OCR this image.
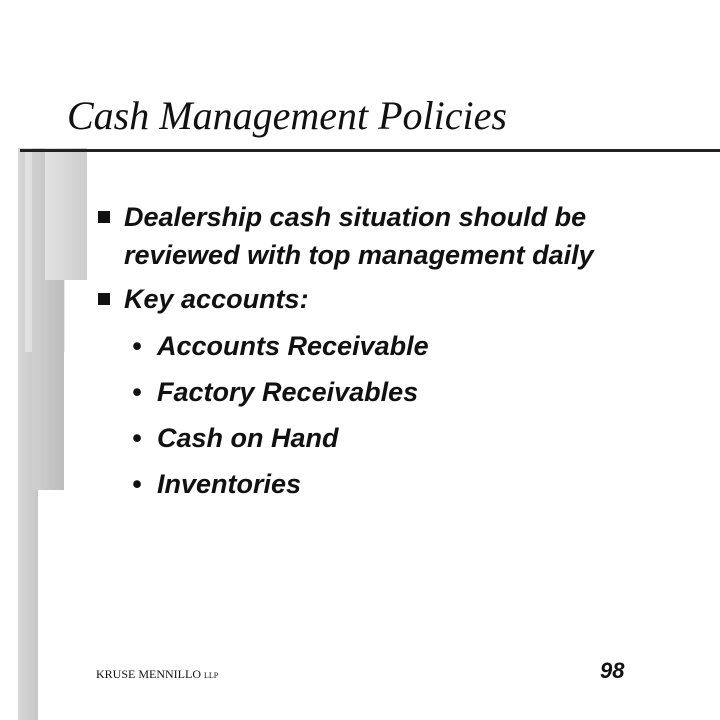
Cash Management Policies
Dealership cash situation should be
reviewed with top management daily
Key accounts:
• Accounts Receivable
• Factory Receivables
• Cash on Hand
• Inventories
KRUSE MENNILLO LLP	98
